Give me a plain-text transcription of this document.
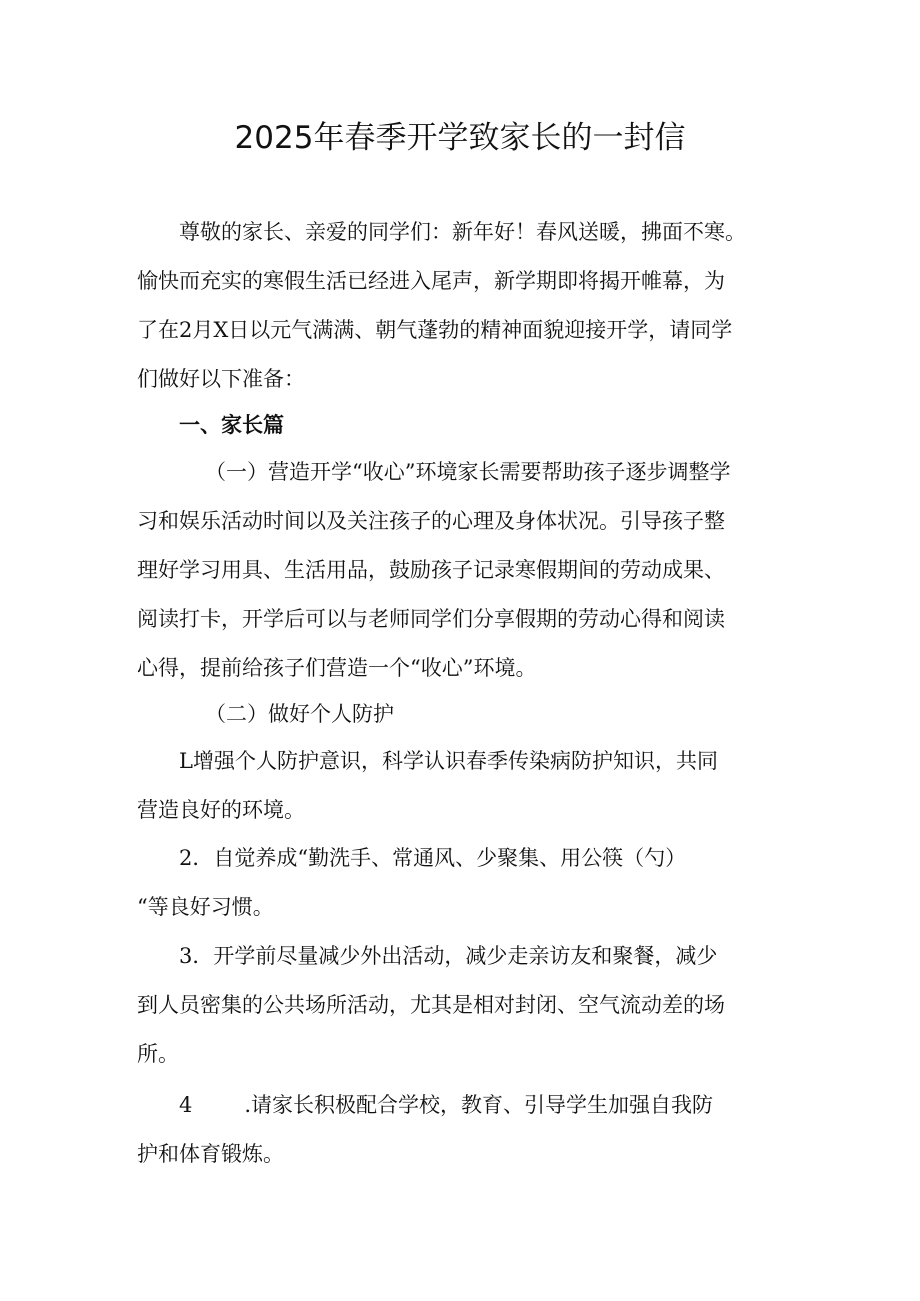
2025年春季开学致家长的一封信
尊敬的家长、亲爱的同学们：新年好！春风送暖，拂面不寒。
愉快而充实的寒假生活已经进入尾声，新学期即将揭开帷幕，为
了在2月X日以元气满满、朝气蓬勃的精神面貌迎接开学，请同学
们做好以下准备：
一、家长篇
（一）营造开学“收心”环境家长需要帮助孩子逐步调整学
习和娱乐活动时间以及关注孩子的心理及身体状况。引导孩子整
理好学习用具、生活用品，鼓励孩子记录寒假期间的劳动成果、
阅读打卡，开学后可以与老师同学们分享假期的劳动心得和阅读
心得，提前给孩子们营造一个“收心”环境。
（二）做好个人防护
L增强个人防护意识，科学认识春季传染病防护知识，共同
营造良好的环境。
2．自觉养成“勤洗手、常通风、少聚集、用公筷（勺）
“等良好习惯。
3．开学前尽量减少外出活动，减少走亲访友和聚餐，减少
到人员密集的公共场所活动，尤其是相对封闭、空气流动差的场
所。
4 .请家长积极配合学校，教育、引导学生加强自我防
护和体育锻炼。
